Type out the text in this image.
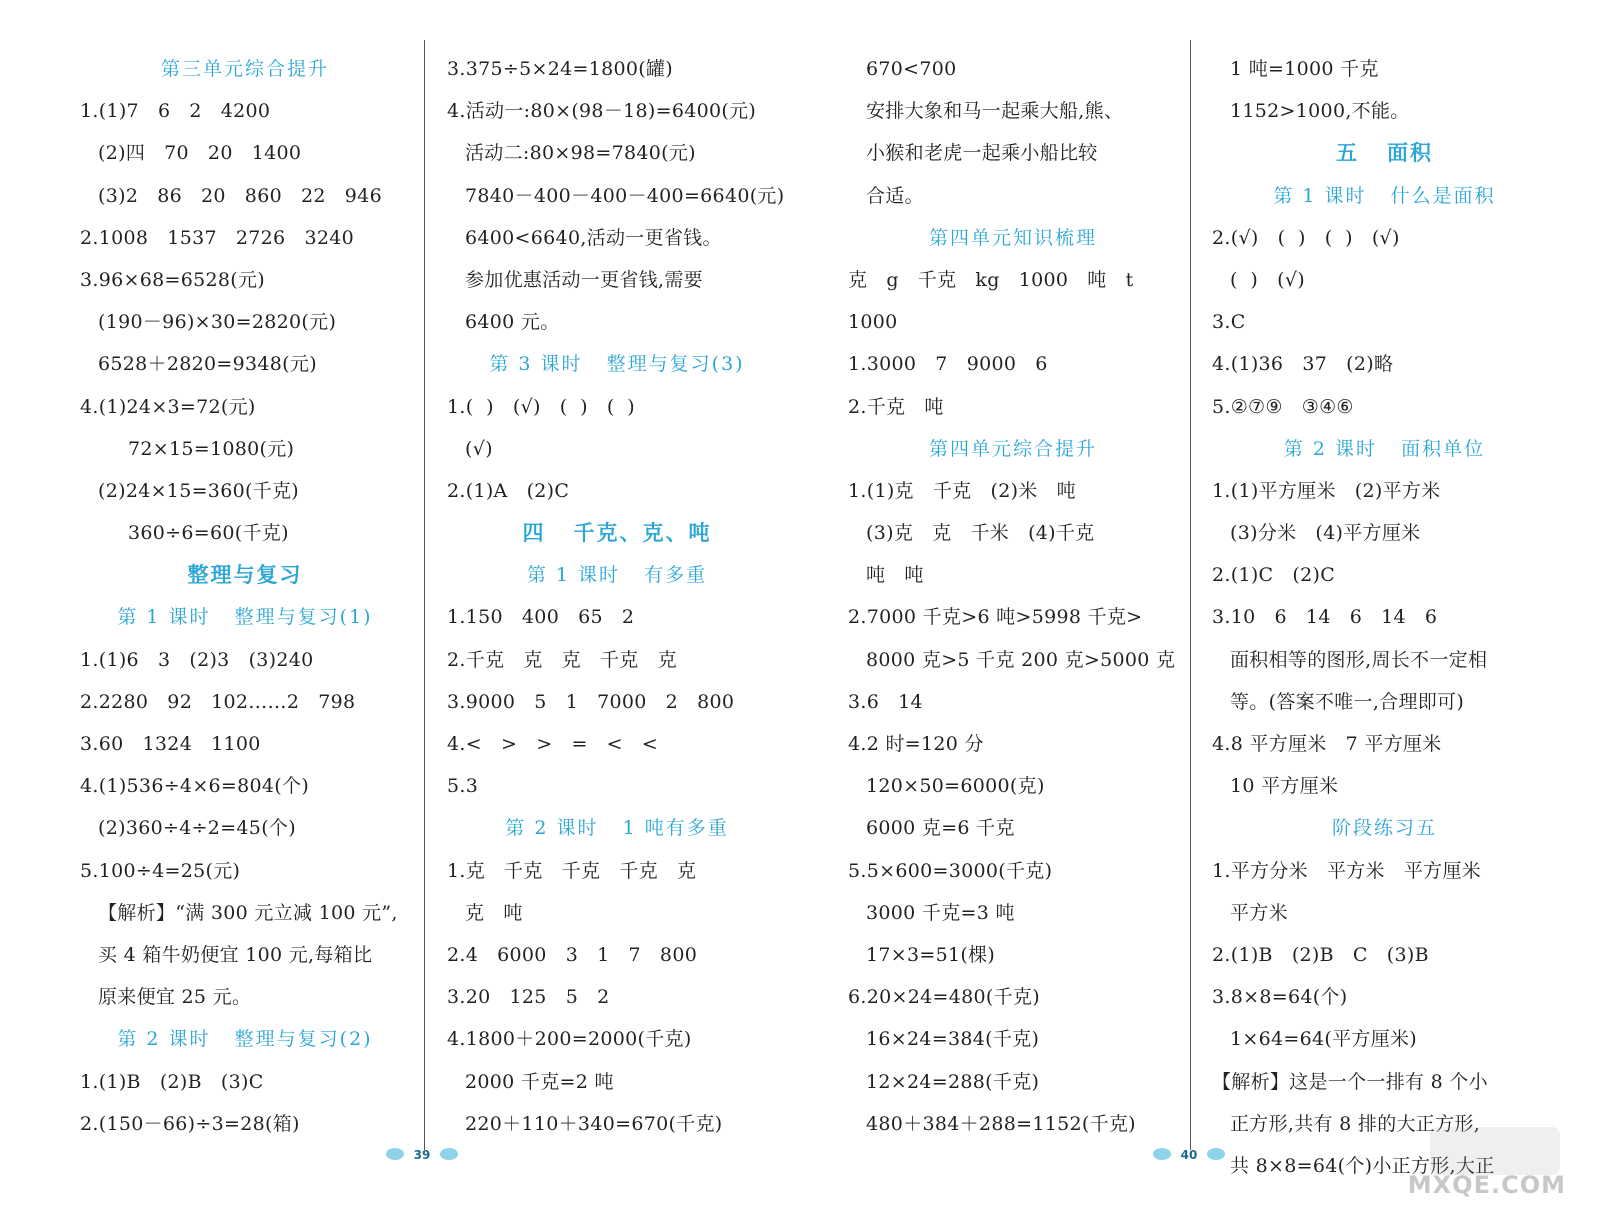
第三单元综合提升
1.(1)7   6   2   4200
(2)四   70   20   1400
(3)2   86   20   860   22   946
2.1008   1537   2726   3240
3.96×68=6528(元)
(190－96)×30=2820(元)
6528＋2820=9348(元)
4.(1)24×3=72(元)
72×15=1080(元)
(2)24×15=360(千克)
360÷6=60(千克)
整理与复习
第 1 课时   整理与复习(1)
1.(1)6   3   (2)3   (3)240
2.2280   92   102……2   798
3.60   1324   1100
4.(1)536÷4×6=804(个)
(2)360÷4÷2=45(个)
5.100÷4=25(元)
【解析】“满 300 元立减 100 元”,
买 4 箱牛奶便宜 100 元,每箱比
原来便宜 25 元。
第 2 课时   整理与复习(2)
1.(1)B   (2)B   (3)C
2.(150－66)÷3=28(箱)
3.375÷5×24=1800(罐)
4.活动一:80×(98－18)=6400(元)
活动二:80×98=7840(元)
7840－400－400－400=6640(元)
6400<6640,活动一更省钱。
参加优惠活动一更省钱,需要
6400 元。
第 3 课时   整理与复习(3)
1.(  )   (√)   (  )   (  )
(√)
2.(1)A   (2)C
四   千克、克、吨
第 1 课时   有多重
1.150   400   65   2
2.千克   克   克   千克   克
3.9000   5   1   7000   2   800
4.<   >   >   =   <   <
5.3
第 2 课时   1 吨有多重
1.克   千克   千克   千克   克
克   吨
2.4   6000   3   1   7   800
3.20   125   5   2
4.1800＋200=2000(千克)
2000 千克=2 吨
220＋110＋340=670(千克)
670<700
安排大象和马一起乘大船,熊、
小猴和老虎一起乘小船比较
合适。
第四单元知识梳理
克   g   千克   kg   1000   吨   t
1000
1.3000   7   9000   6
2.千克   吨
第四单元综合提升
1.(1)克   千克   (2)米   吨
(3)克   克   千米   (4)千克
吨   吨
2.7000 千克>6 吨>5998 千克>
8000 克>5 千克 200 克>5000 克
3.6   14
4.2 时=120 分
120×50=6000(克)
6000 克=6 千克
5.5×600=3000(千克)
3000 千克=3 吨
17×3=51(棵)
6.20×24=480(千克)
16×24=384(千克)
12×24=288(千克)
480＋384＋288=1152(千克)
1 吨=1000 千克
1152>1000,不能。
五   面积
第 1 课时   什么是面积
2.(√)   (  )   (  )   (√)
(  )   (√)
3.C
4.(1)36   37   (2)略
5.②⑦⑨   ③④⑥
第 2 课时   面积单位
1.(1)平方厘米   (2)平方米
(3)分米   (4)平方厘米
2.(1)C   (2)C
3.10   6   14   6   14   6
面积相等的图形,周长不一定相
等。(答案不唯一,合理即可)
4.8 平方厘米   7 平方厘米
10 平方厘米
阶段练习五
1.平方分米   平方米   平方厘米
平方米
2.(1)B   (2)B   C   (3)B
3.8×8=64(个)
1×64=64(平方厘米)
【解析】这是一个一排有 8 个小
正方形,共有 8 排的大正方形,
共 8×8=64(个)小正方形,大正
39	40
MXQE.COM
